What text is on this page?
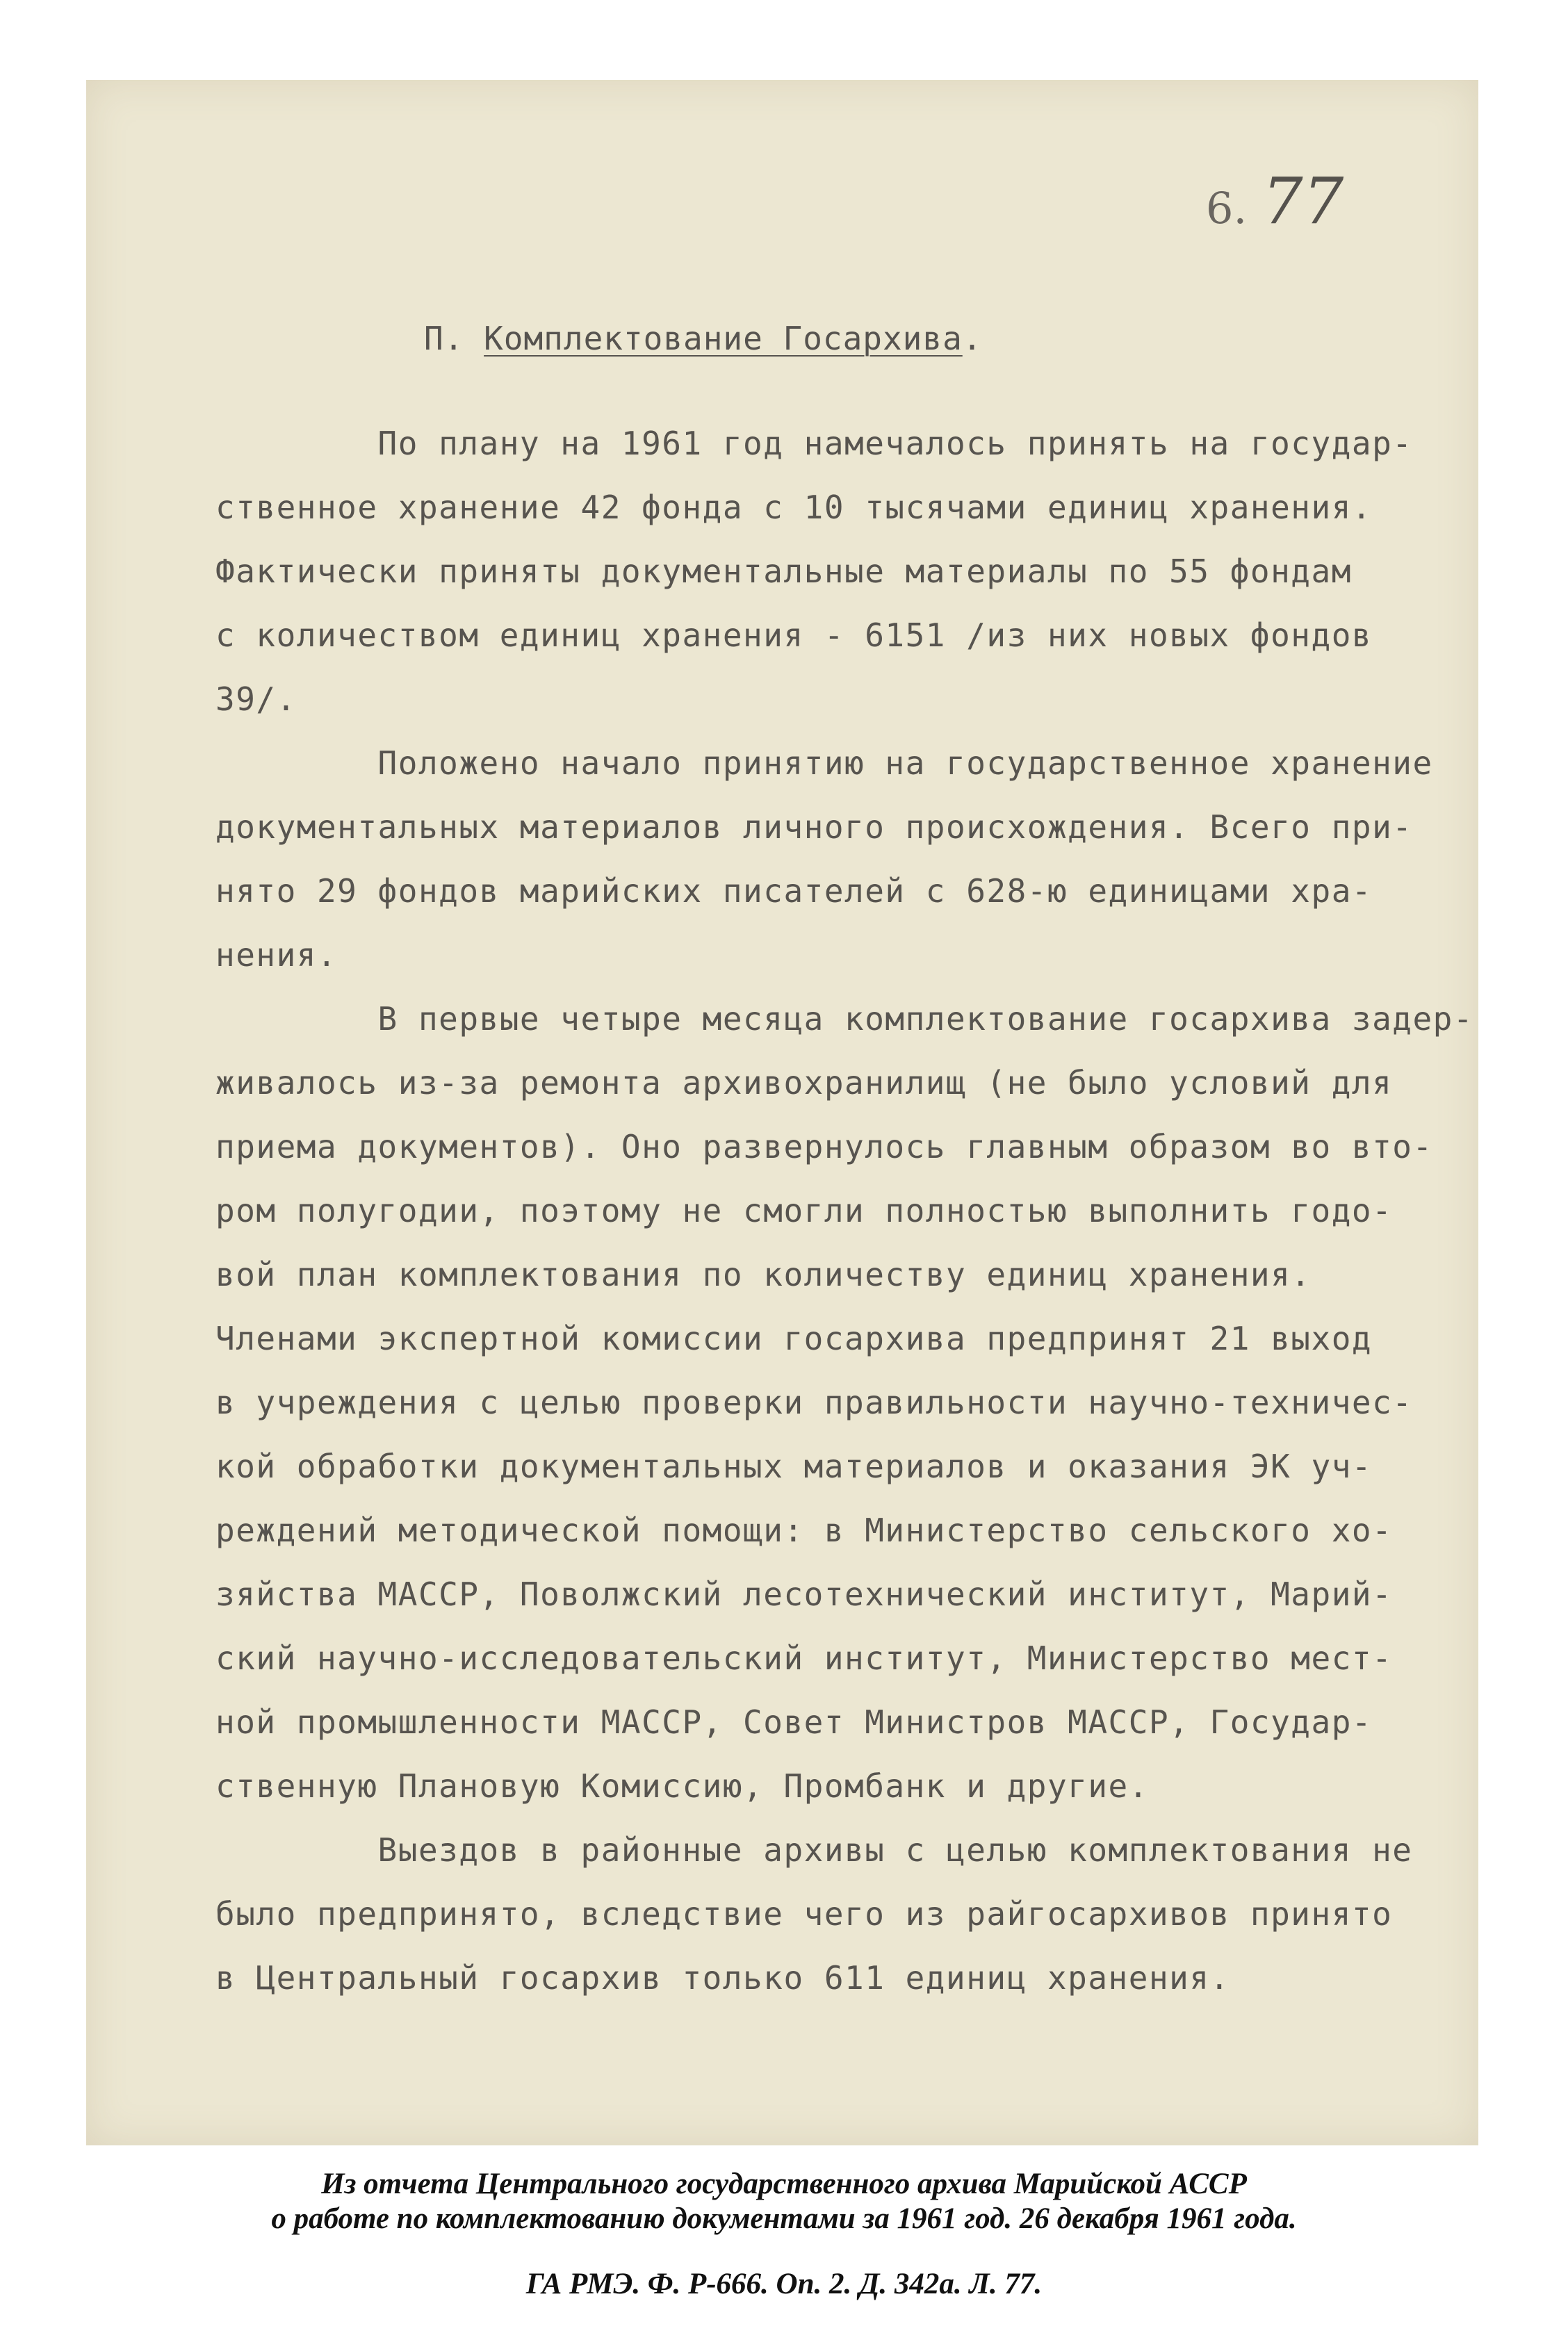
6. 77
П. Комплектование Госархива.
По плану на 1961 год намечалось принять на государ-
ственное хранение 42 фонда с 10 тысячами единиц хранения.
Фактически приняты документальные материалы по 55 фондам
с количеством единиц хранения - 6151 /из них новых фондов
39/.
Положено начало принятию на государственное хранение
документальных материалов личного происхождения. Всего при-
нято 29 фондов марийских писателей с 628-ю единицами хра-
нения.
В первые четыре месяца комплектование госархива задер-
живалось из-за ремонта архивохранилищ (не было условий для
приема документов). Оно развернулось главным образом во вто-
ром полугодии, поэтому не смогли полностью выполнить годо-
вой план комплектования по количеству единиц хранения.
Членами экспертной комиссии госархива предпринят 21 выход
в учреждения с целью проверки правильности научно-техничес-
кой обработки документальных материалов и оказания ЭК уч-
реждений методической помощи: в Министерство сельского хо-
зяйства МАССР, Поволжский лесотехнический институт, Марий-
ский научно-исследовательский институт, Министерство мест-
ной промышленности МАССР, Совет Министров МАССР, Государ-
ственную Плановую Комиссию, Промбанк и другие.
Выездов в районные архивы с целью комплектования не
было предпринято, вследствие чего из райгосархивов принято
в Центральный госархив только 611 единиц хранения.
Из отчета Центрального государственного архива Марийской АССР
о работе по комплектованию документами за 1961 год. 26 декабря 1961 года.
ГА РМЭ. Ф. Р-666. Оп. 2. Д. 342а. Л. 77.
